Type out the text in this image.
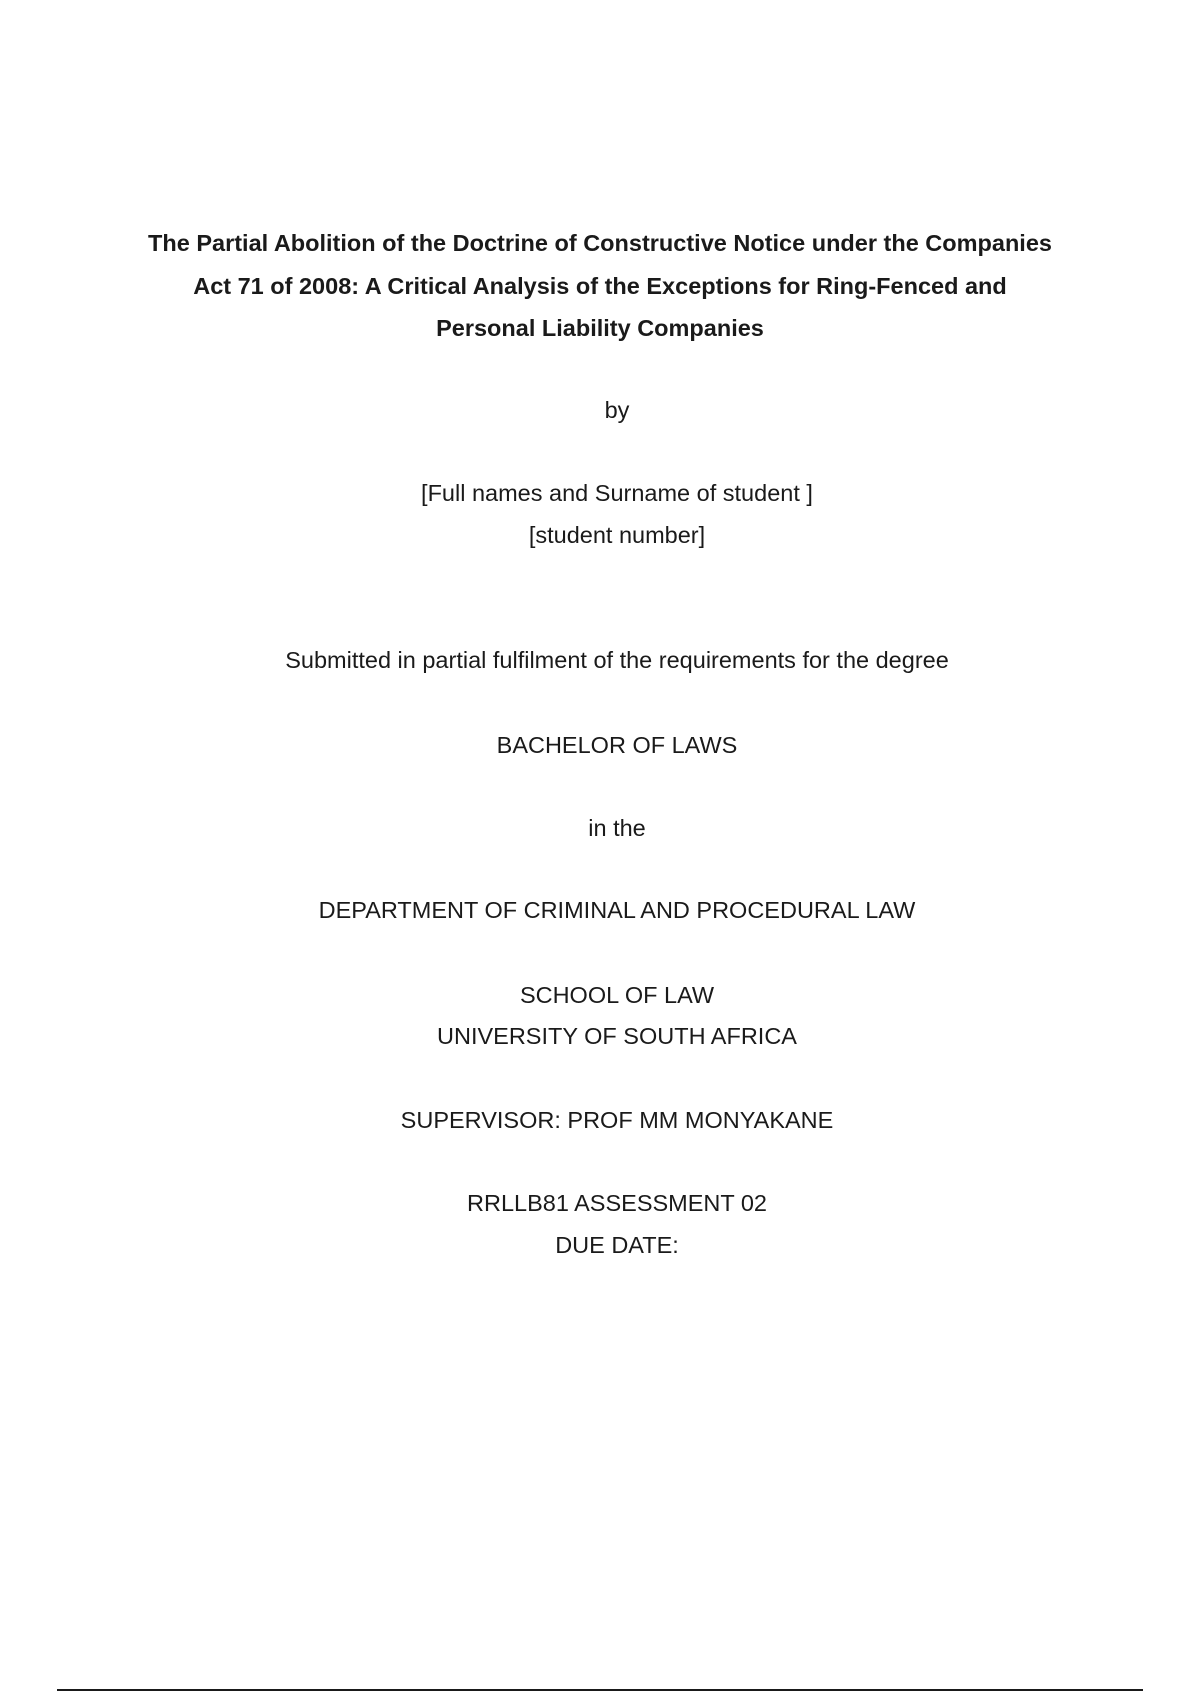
The Partial Abolition of the Doctrine of Constructive Notice under the Companies
Act 71 of 2008: A Critical Analysis of the Exceptions for Ring-Fenced and
Personal Liability Companies
by
[Full names and Surname of student ]
[student number]
Submitted in partial fulfilment of the requirements for the degree
BACHELOR OF LAWS
in the
DEPARTMENT OF CRIMINAL AND PROCEDURAL LAW
SCHOOL OF LAW
UNIVERSITY OF SOUTH AFRICA
SUPERVISOR: PROF MM MONYAKANE
RRLLB81 ASSESSMENT 02
DUE DATE:
